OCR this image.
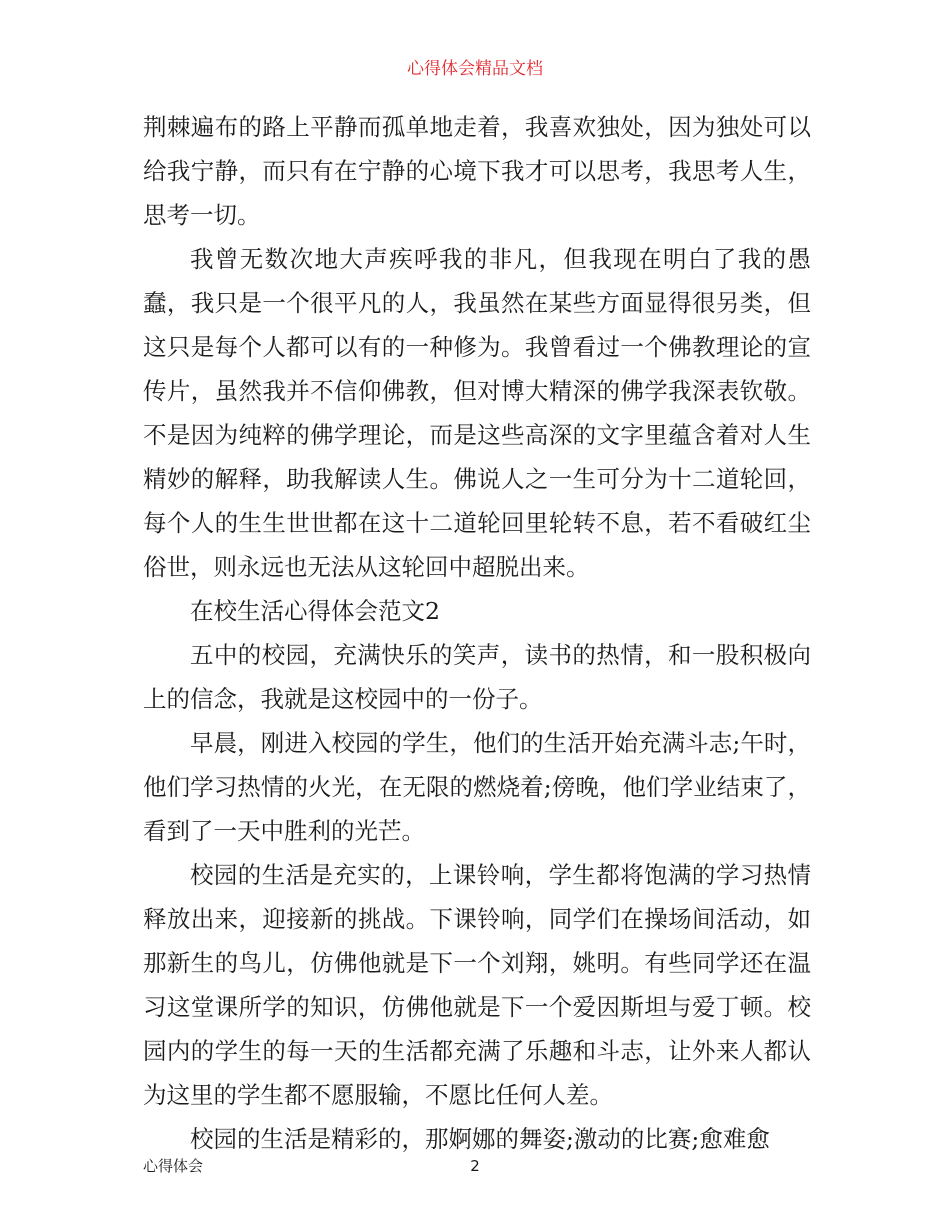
心得体会精品文档

荆棘遍布的路上平静而孤单地走着，我喜欢独处，因为独处可以给我宁静，而只有在宁静的心境下我才可以思考，我思考人生，思考一切。

我曾无数次地大声疾呼我的非凡，但我现在明白了我的愚蠢，我只是一个很平凡的人，我虽然在某些方面显得很另类，但这只是每个人都可以有的一种修为。我曾看过一个佛教理论的宣传片，虽然我并不信仰佛教，但对博大精深的佛学我深表钦敬。不是因为纯粹的佛学理论，而是这些高深的文字里蕴含着对人生精妙的解释，助我解读人生。佛说人之一生可分为十二道轮回，每个人的生生世世都在这十二道轮回里轮转不息，若不看破红尘俗世，则永远也无法从这轮回中超脱出来。

在校生活心得体会范文2

五中的校园，充满快乐的笑声，读书的热情，和一股积极向上的信念，我就是这校园中的一份子。

早晨，刚进入校园的学生，他们的生活开始充满斗志;午时，他们学习热情的火光，在无限的燃烧着;傍晚，他们学业结束了，看到了一天中胜利的光芒。

校园的生活是充实的，上课铃响，学生都将饱满的学习热情释放出来，迎接新的挑战。下课铃响，同学们在操场间活动，如那新生的鸟儿，仿佛他就是下一个刘翔，姚明。有些同学还在温习这堂课所学的知识，仿佛他就是下一个爱因斯坦与爱丁顿。校园内的学生的每一天的生活都充满了乐趣和斗志，让外来人都认为这里的学生都不愿服输，不愿比任何人差。

校园的生活是精彩的，那婀娜的舞姿;激动的比赛;愈难愈

心得体会	2
